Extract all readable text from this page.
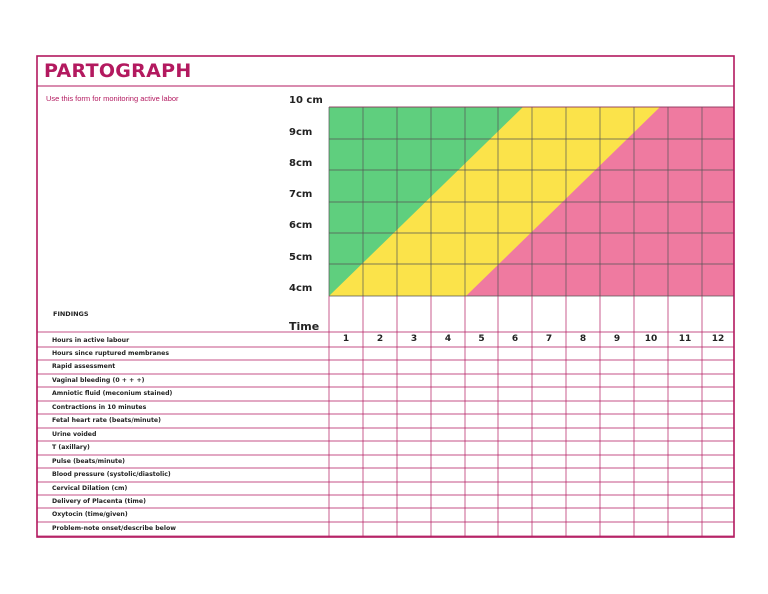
PARTOGRAPH
Use this form for monitoring active labor	10 cm
9cm
8cm
7cm
6cm
5cm
4cm
FINDINGS
Time
1	2	3	4	5	6	7	8	9	10	11	12
Hours in active labour
Hours since ruptured membranes
Rapid assessment
Vaginal bleeding (0 + + +)
Amniotic fluid (meconium stained)
Contractions in 10 minutes
Fetal heart rate (beats/minute)
Urine voided
T (axillary)
Pulse (beats/minute)
Blood pressure (systolic/diastolic)
Cervical Dilation (cm)
Delivery of Placenta (time)
Oxytocin (time/given)
Problem-note onset/describe below
